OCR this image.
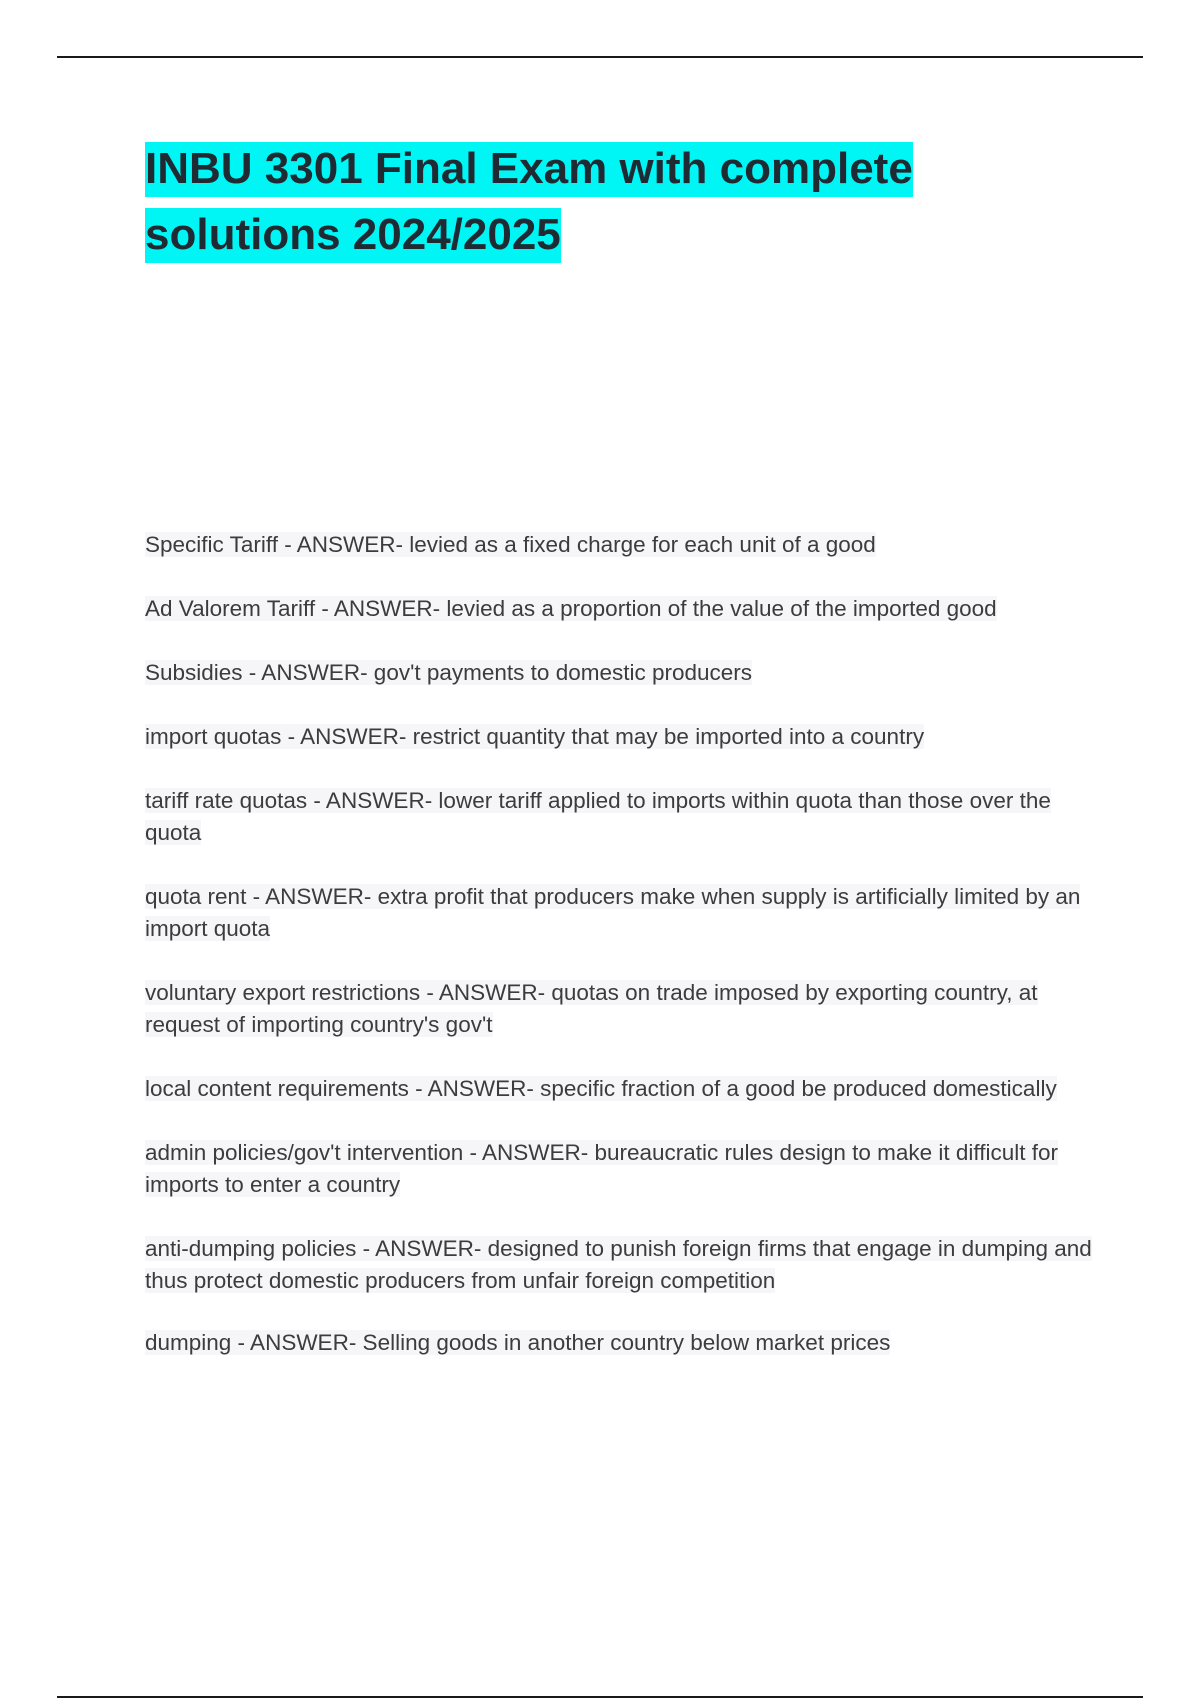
INBU 3301 Final Exam with complete
solutions 2024/2025
Specific Tariff - ANSWER- levied as a fixed charge for each unit of a good
Ad Valorem Tariff - ANSWER- levied as a proportion of the value of the imported good
Subsidies - ANSWER- gov't payments to domestic producers
import quotas - ANSWER- restrict quantity that may be imported into a country
tariff rate quotas - ANSWER- lower tariff applied to imports within quota than those over the quota
quota rent - ANSWER- extra profit that producers make when supply is artificially limited by an import quota
voluntary export restrictions - ANSWER- quotas on trade imposed by exporting country, at request of importing country's gov't
local content requirements - ANSWER- specific fraction of a good be produced domestically
admin policies/gov't intervention - ANSWER- bureaucratic rules design to make it difficult for imports to enter a country
anti-dumping policies - ANSWER- designed to punish foreign firms that engage in dumping and thus protect domestic producers from unfair foreign competition
dumping - ANSWER- Selling goods in another country below market prices
